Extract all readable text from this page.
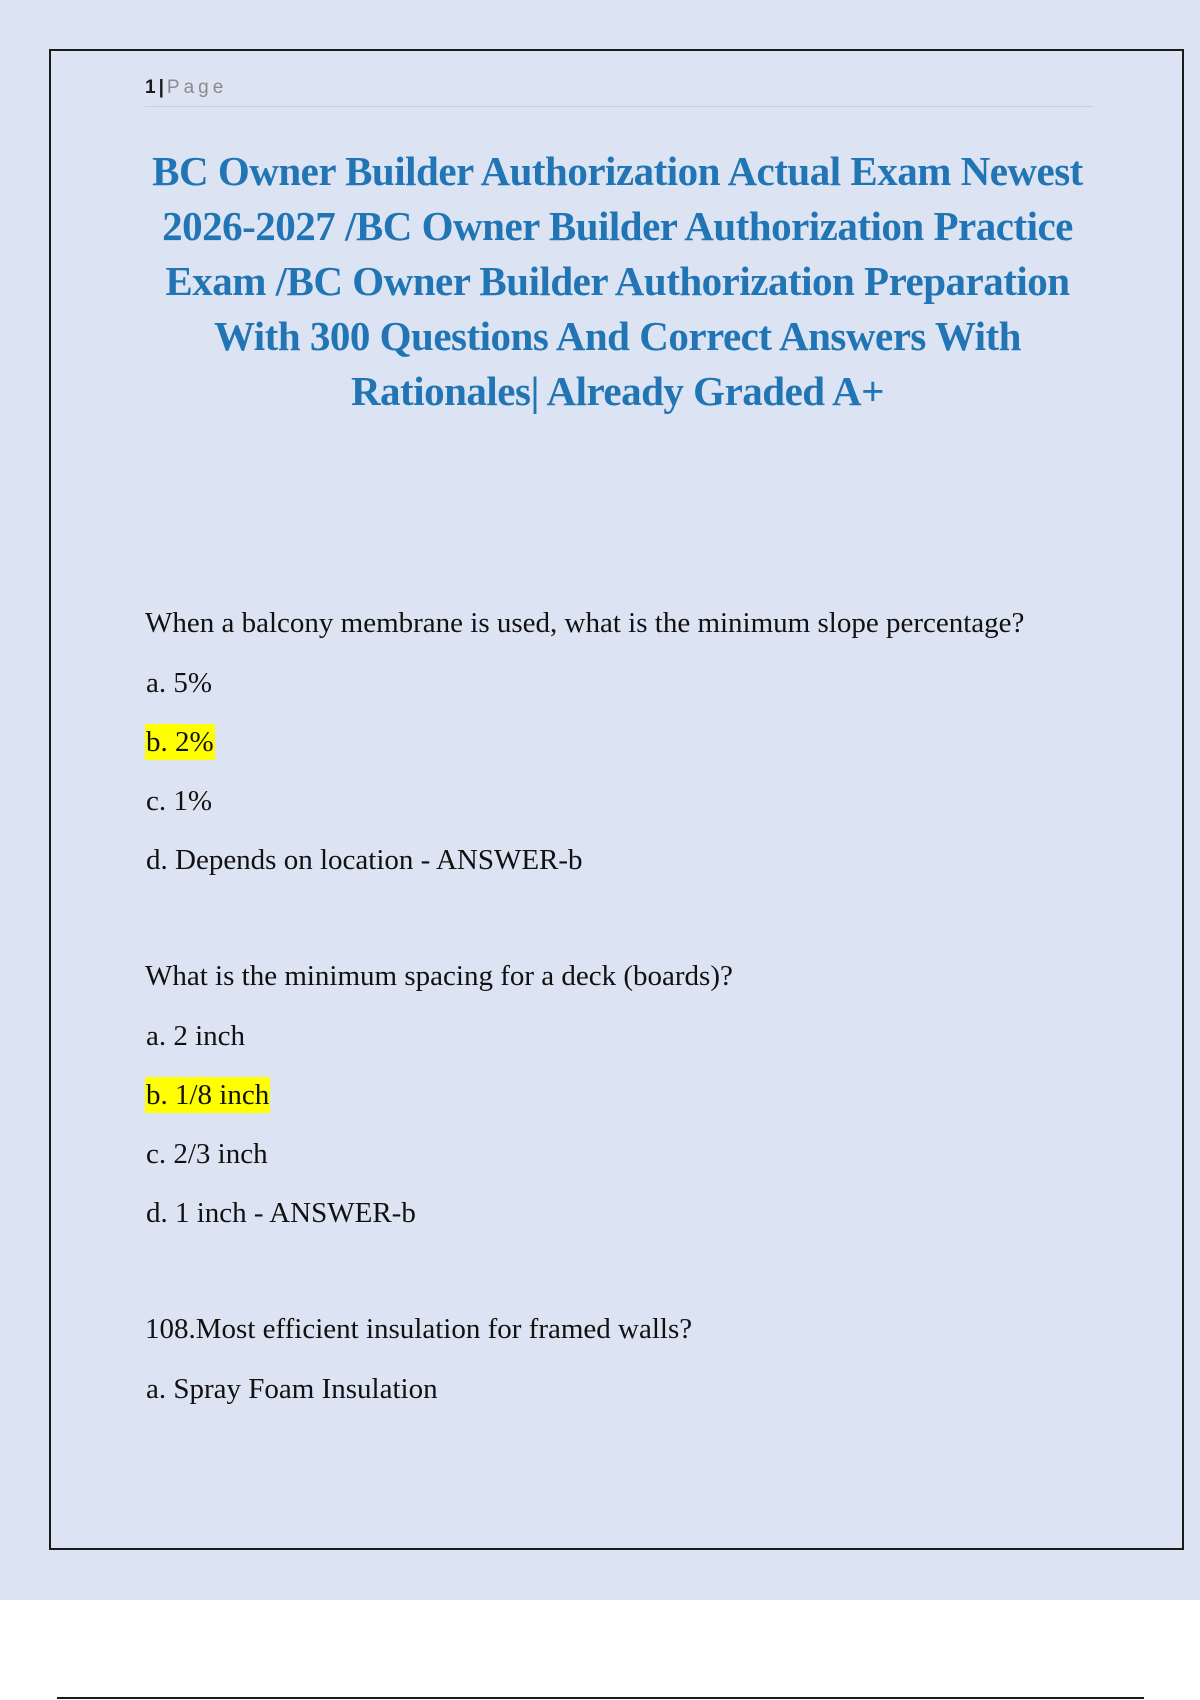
1 | Page
BC Owner Builder Authorization Actual Exam Newest 2026-2027 /BC Owner Builder Authorization Practice Exam /BC Owner Builder Authorization Preparation With 300 Questions And Correct Answers With Rationales| Already Graded A+

When a balcony membrane is used, what is the minimum slope percentage?

a. 5%

b. 2%

c. 1%

d. Depends on location - ANSWER-b

What is the minimum spacing for a deck (boards)?

a. 2 inch

b. 1/8 inch

c. 2/3 inch

d. 1 inch - ANSWER-b

108.Most efficient insulation for framed walls?

a. Spray Foam Insulation
